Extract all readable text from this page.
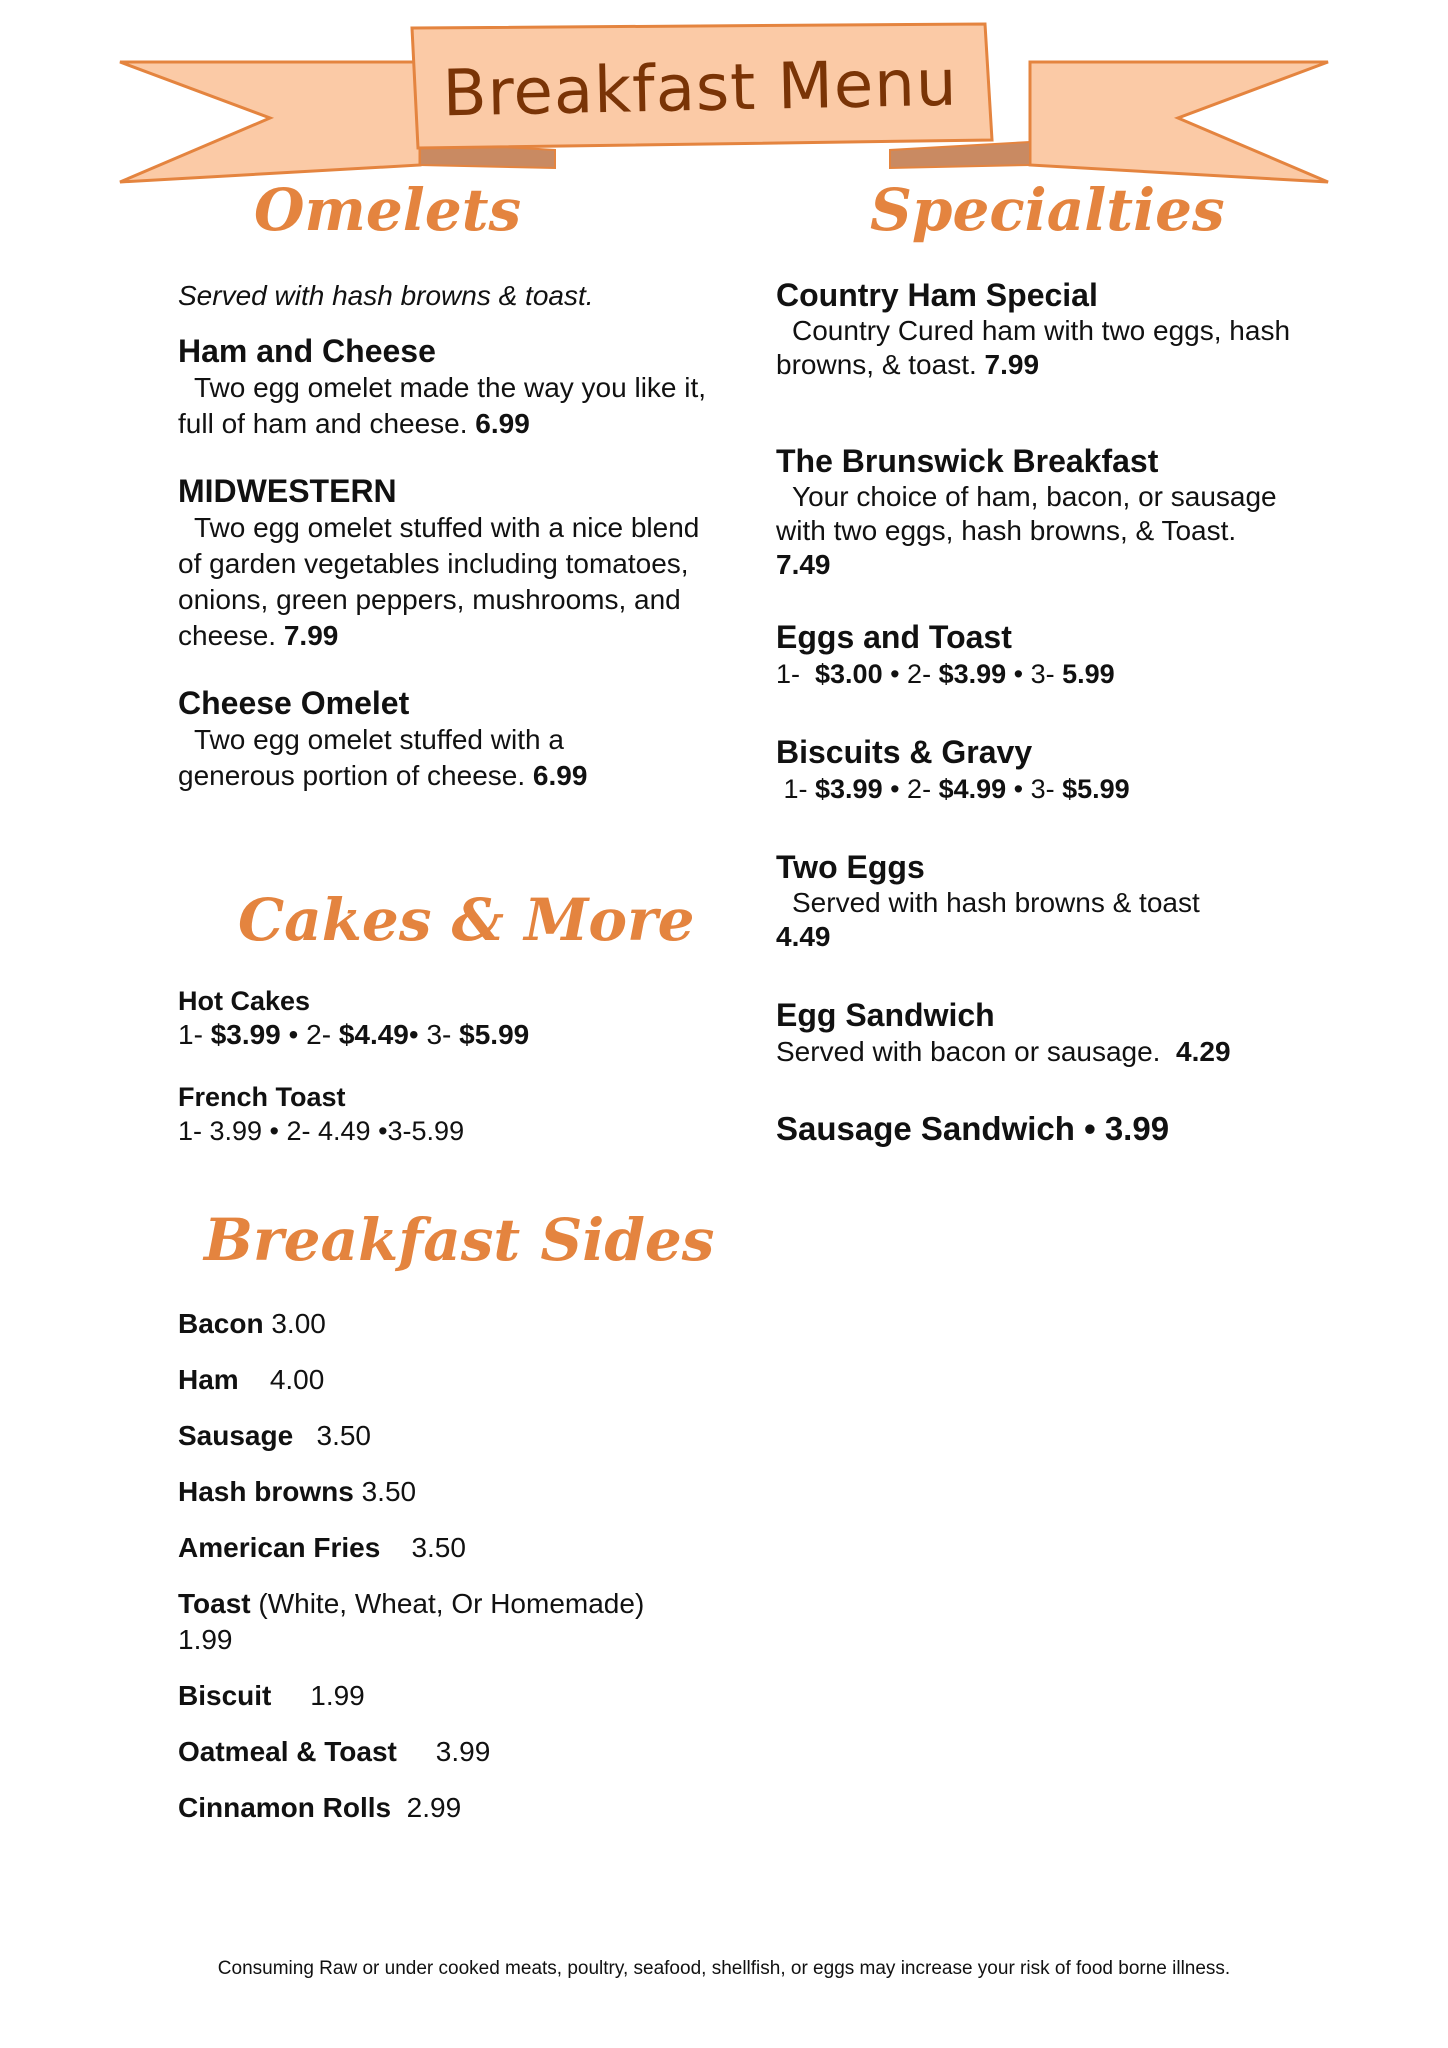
Breakfast Menu
Omelets
Served with hash browns & toast.
Ham and Cheese
Two egg omelet made the way you like it, full of ham and cheese. 6.99
MIDWESTERN
Two egg omelet stuffed with a nice blend of garden vegetables including tomatoes, onions, green peppers, mushrooms, and cheese. 7.99
Cheese Omelet
Two egg omelet stuffed with a generous portion of cheese. 6.99
Cakes & More
Hot Cakes
1- $3.99 • 2- $4.49• 3- $5.99
French Toast
1- 3.99 • 2- 4.49 •3-5.99
Breakfast Sides
Bacon 3.00
Ham    4.00
Sausage   3.50
Hash browns 3.50
American Fries    3.50
Toast (White, Wheat, Or Homemade)
1.99
Biscuit     1.99
Oatmeal & Toast     3.99
Cinnamon Rolls  2.99
Specialties
Country Ham Special
Country Cured ham with two eggs, hash browns, & toast. 7.99
The Brunswick Breakfast
Your choice of ham, bacon, or sausage with two eggs, hash browns, & Toast. 7.49
Eggs and Toast
1-  $3.00 • 2- $3.99 • 3- 5.99
Biscuits & Gravy
1- $3.99 • 2- $4.99 • 3- $5.99
Two Eggs
Served with hash browns & toast
4.49
Egg Sandwich
Served with bacon or sausage. 4.29
Sausage Sandwich • 3.99
Consuming Raw or under cooked meats, poultry, seafood, shellfish, or eggs may increase your risk of food borne illness.
